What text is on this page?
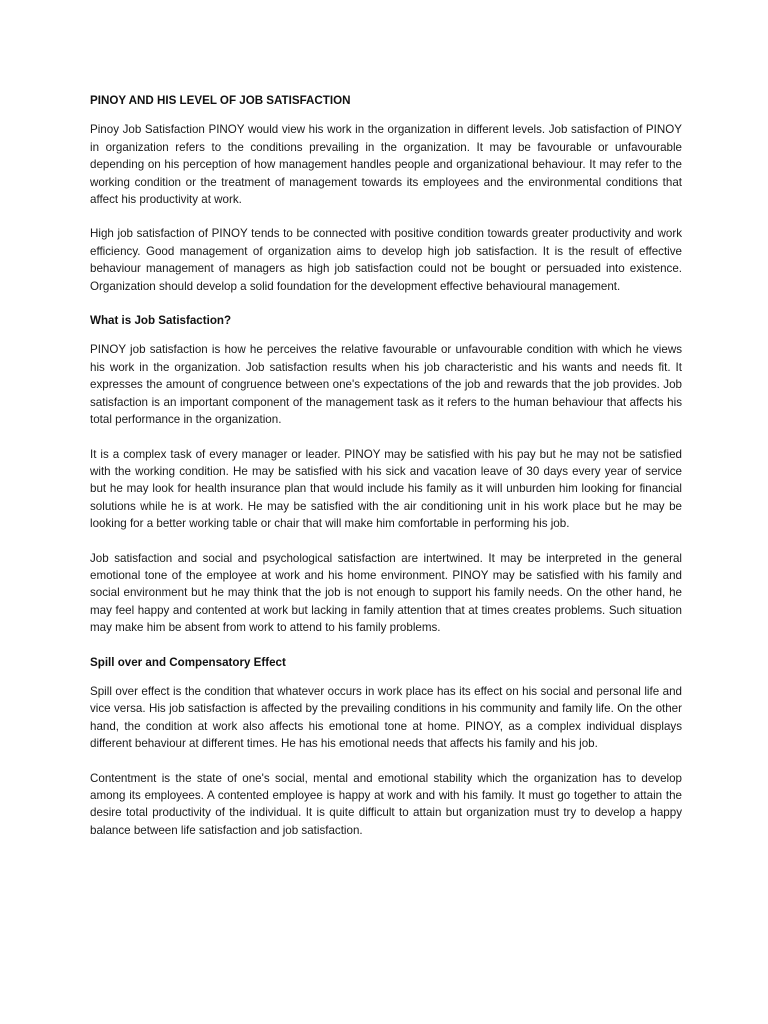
PINOY AND HIS LEVEL OF JOB SATISFACTION

Pinoy Job Satisfaction PINOY would view his work in the organization in different levels. Job satisfaction of PINOY in organization refers to the conditions prevailing in the organization. It may be favourable or unfavourable depending on his perception of how management handles people and organizational behaviour. It may refer to the working condition or the treatment of management towards its employees and the environmental conditions that affect his productivity at work.

High job satisfaction of PINOY tends to be connected with positive condition towards greater productivity and work efficiency. Good management of organization aims to develop high job satisfaction. It is the result of effective behaviour management of managers as high job satisfaction could not be bought or persuaded into existence. Organization should develop a solid foundation for the development effective behavioural management.

What is Job Satisfaction?

PINOY job satisfaction is how he perceives the relative favourable or unfavourable condition with which he views his work in the organization. Job satisfaction results when his job characteristic and his wants and needs fit. It expresses the amount of congruence between one's expectations of the job and rewards that the job provides. Job satisfaction is an important component of the management task as it refers to the human behaviour that affects his total performance in the organization.

It is a complex task of every manager or leader. PINOY may be satisfied with his pay but he may not be satisfied with the working condition. He may be satisfied with his sick and vacation leave of 30 days every year of service but he may look for health insurance plan that would include his family as it will unburden him looking for financial solutions while he is at work. He may be satisfied with the air conditioning unit in his work place but he may be looking for a better working table or chair that will make him comfortable in performing his job.

Job satisfaction and social and psychological satisfaction are intertwined. It may be interpreted in the general emotional tone of the employee at work and his home environment. PINOY may be satisfied with his family and social environment but he may think that the job is not enough to support his family needs. On the other hand, he may feel happy and contented at work but lacking in family attention that at times creates problems. Such situation may make him be absent from work to attend to his family problems.

Spill over and Compensatory Effect

Spill over effect is the condition that whatever occurs in work place has its effect on his social and personal life and vice versa. His job satisfaction is affected by the prevailing conditions in his community and family life. On the other hand, the condition at work also affects his emotional tone at home. PINOY, as a complex individual displays different behaviour at different times. He has his emotional needs that affects his family and his job.

Contentment is the state of one's social, mental and emotional stability which the organization has to develop among its employees. A contented employee is happy at work and with his family. It must go together to attain the desire total productivity of the individual. It is quite difficult to attain but organization must try to develop a happy balance between life satisfaction and job satisfaction.
